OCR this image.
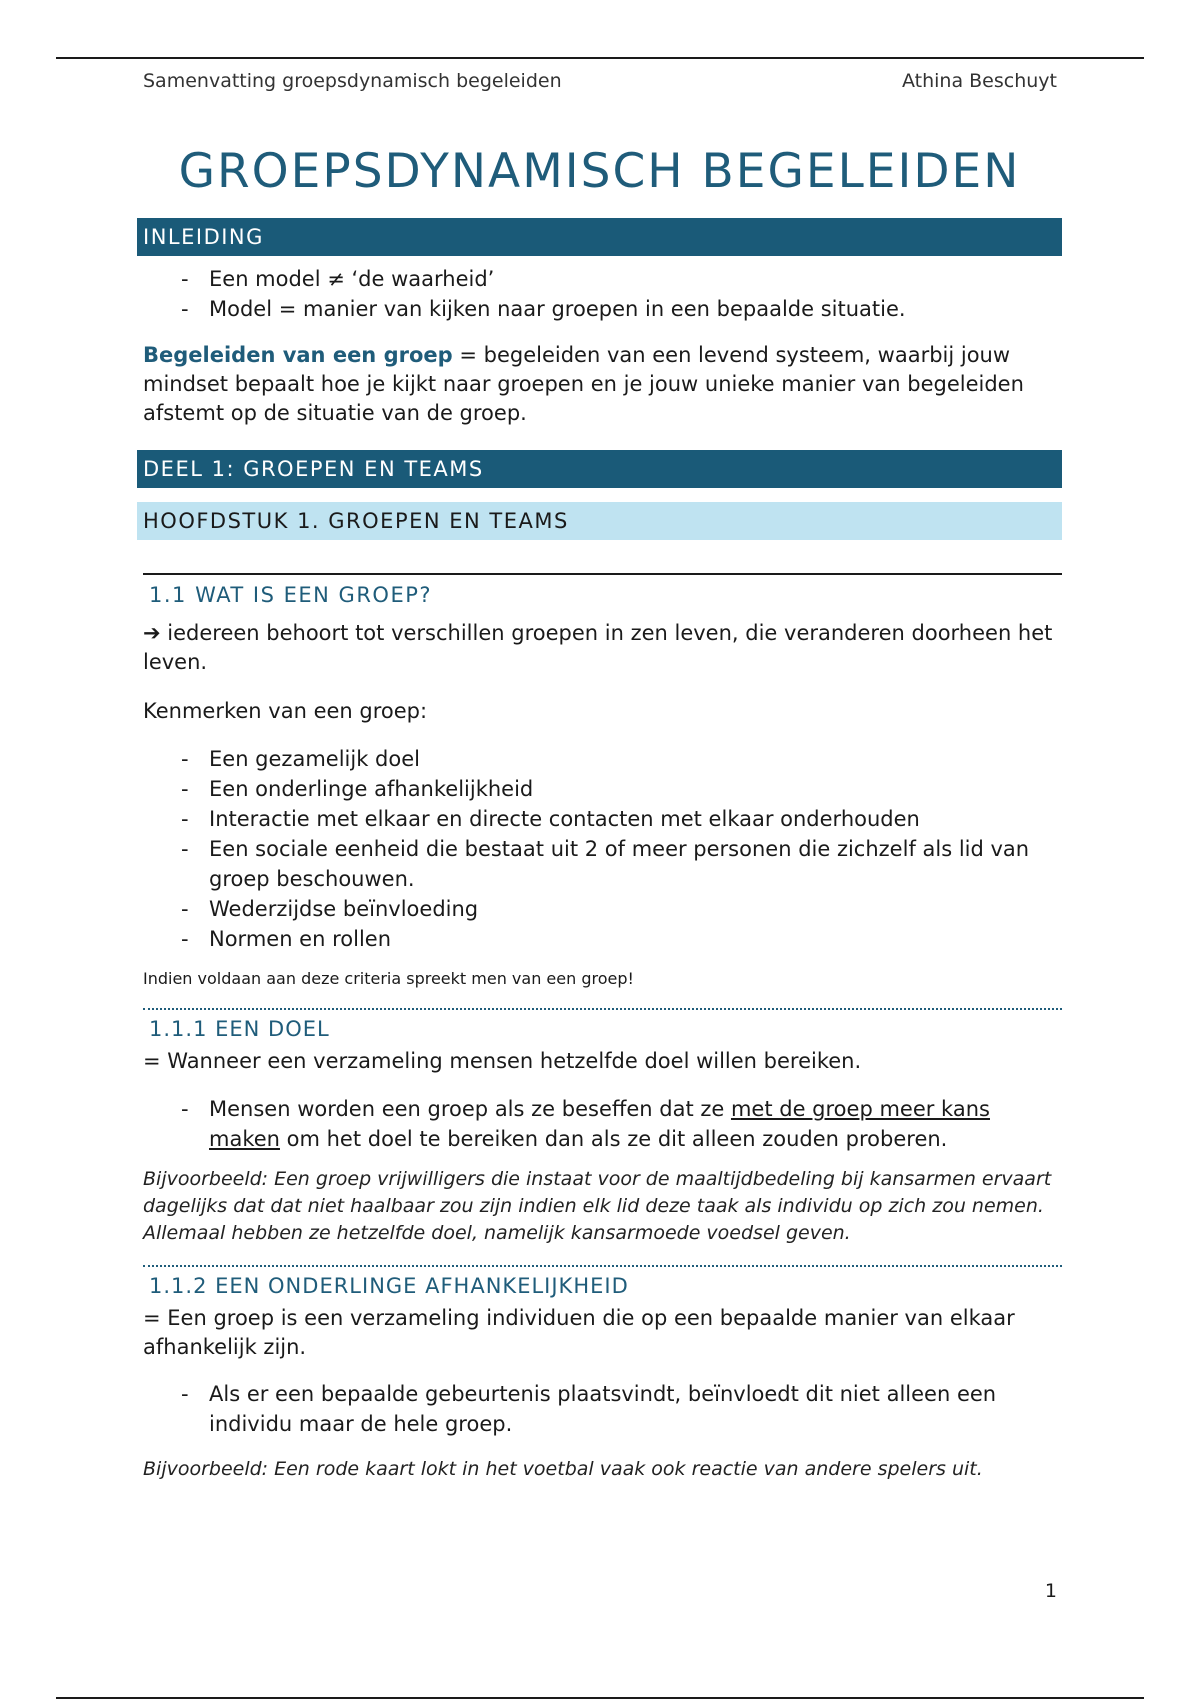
Samenvatting groepsdynamisch begeleiden	Athina Beschuyt
GROEPSDYNAMISCH BEGELEIDEN
INLEIDING
- Een model ≠ ‘de waarheid’
- Model = manier van kijken naar groepen in een bepaalde situatie.

Begeleiden van een groep = begeleiden van een levend systeem, waarbij jouw mindset bepaalt hoe je kijkt naar groepen en je jouw unieke manier van begeleiden afstemt op de situatie van de groep.

DEEL 1: GROEPEN EN TEAMS
HOOFDSTUK 1. GROEPEN EN TEAMS
1.1 WAT IS EEN GROEP?

➔ iedereen behoort tot verschillen groepen in zen leven, die veranderen doorheen het leven.

Kenmerken van een groep:

- Een gezamelijk doel
- Een onderlinge afhankelijkheid
- Interactie met elkaar en directe contacten met elkaar onderhouden
- Een sociale eenheid die bestaat uit 2 of meer personen die zichzelf als lid van groep beschouwen.
- Wederzijdse beïnvloeding
- Normen en rollen
Indien voldaan aan deze criteria spreekt men van een groep!
1.1.1 EEN DOEL

= Wanneer een verzameling mensen hetzelfde doel willen bereiken.

- Mensen worden een groep als ze beseffen dat ze met de groep meer kans maken om het doel te bereiken dan als ze dit alleen zouden proberen.

Bijvoorbeeld: Een groep vrijwilligers die instaat voor de maaltijdbedeling bij kansarmen ervaart dagelijks dat dat niet haalbaar zou zijn indien elk lid deze taak als individu op zich zou nemen. Allemaal hebben ze hetzelfde doel, namelijk kansarmoede voedsel geven.

1.1.2 EEN ONDERLINGE AFHANKELIJKHEID

= Een groep is een verzameling individuen die op een bepaalde manier van elkaar afhankelijk zijn.

- Als er een bepaalde gebeurtenis plaatsvindt, beïnvloedt dit niet alleen een individu maar de hele groep.

Bijvoorbeeld: Een rode kaart lokt in het voetbal vaak ook reactie van andere spelers uit.

1
